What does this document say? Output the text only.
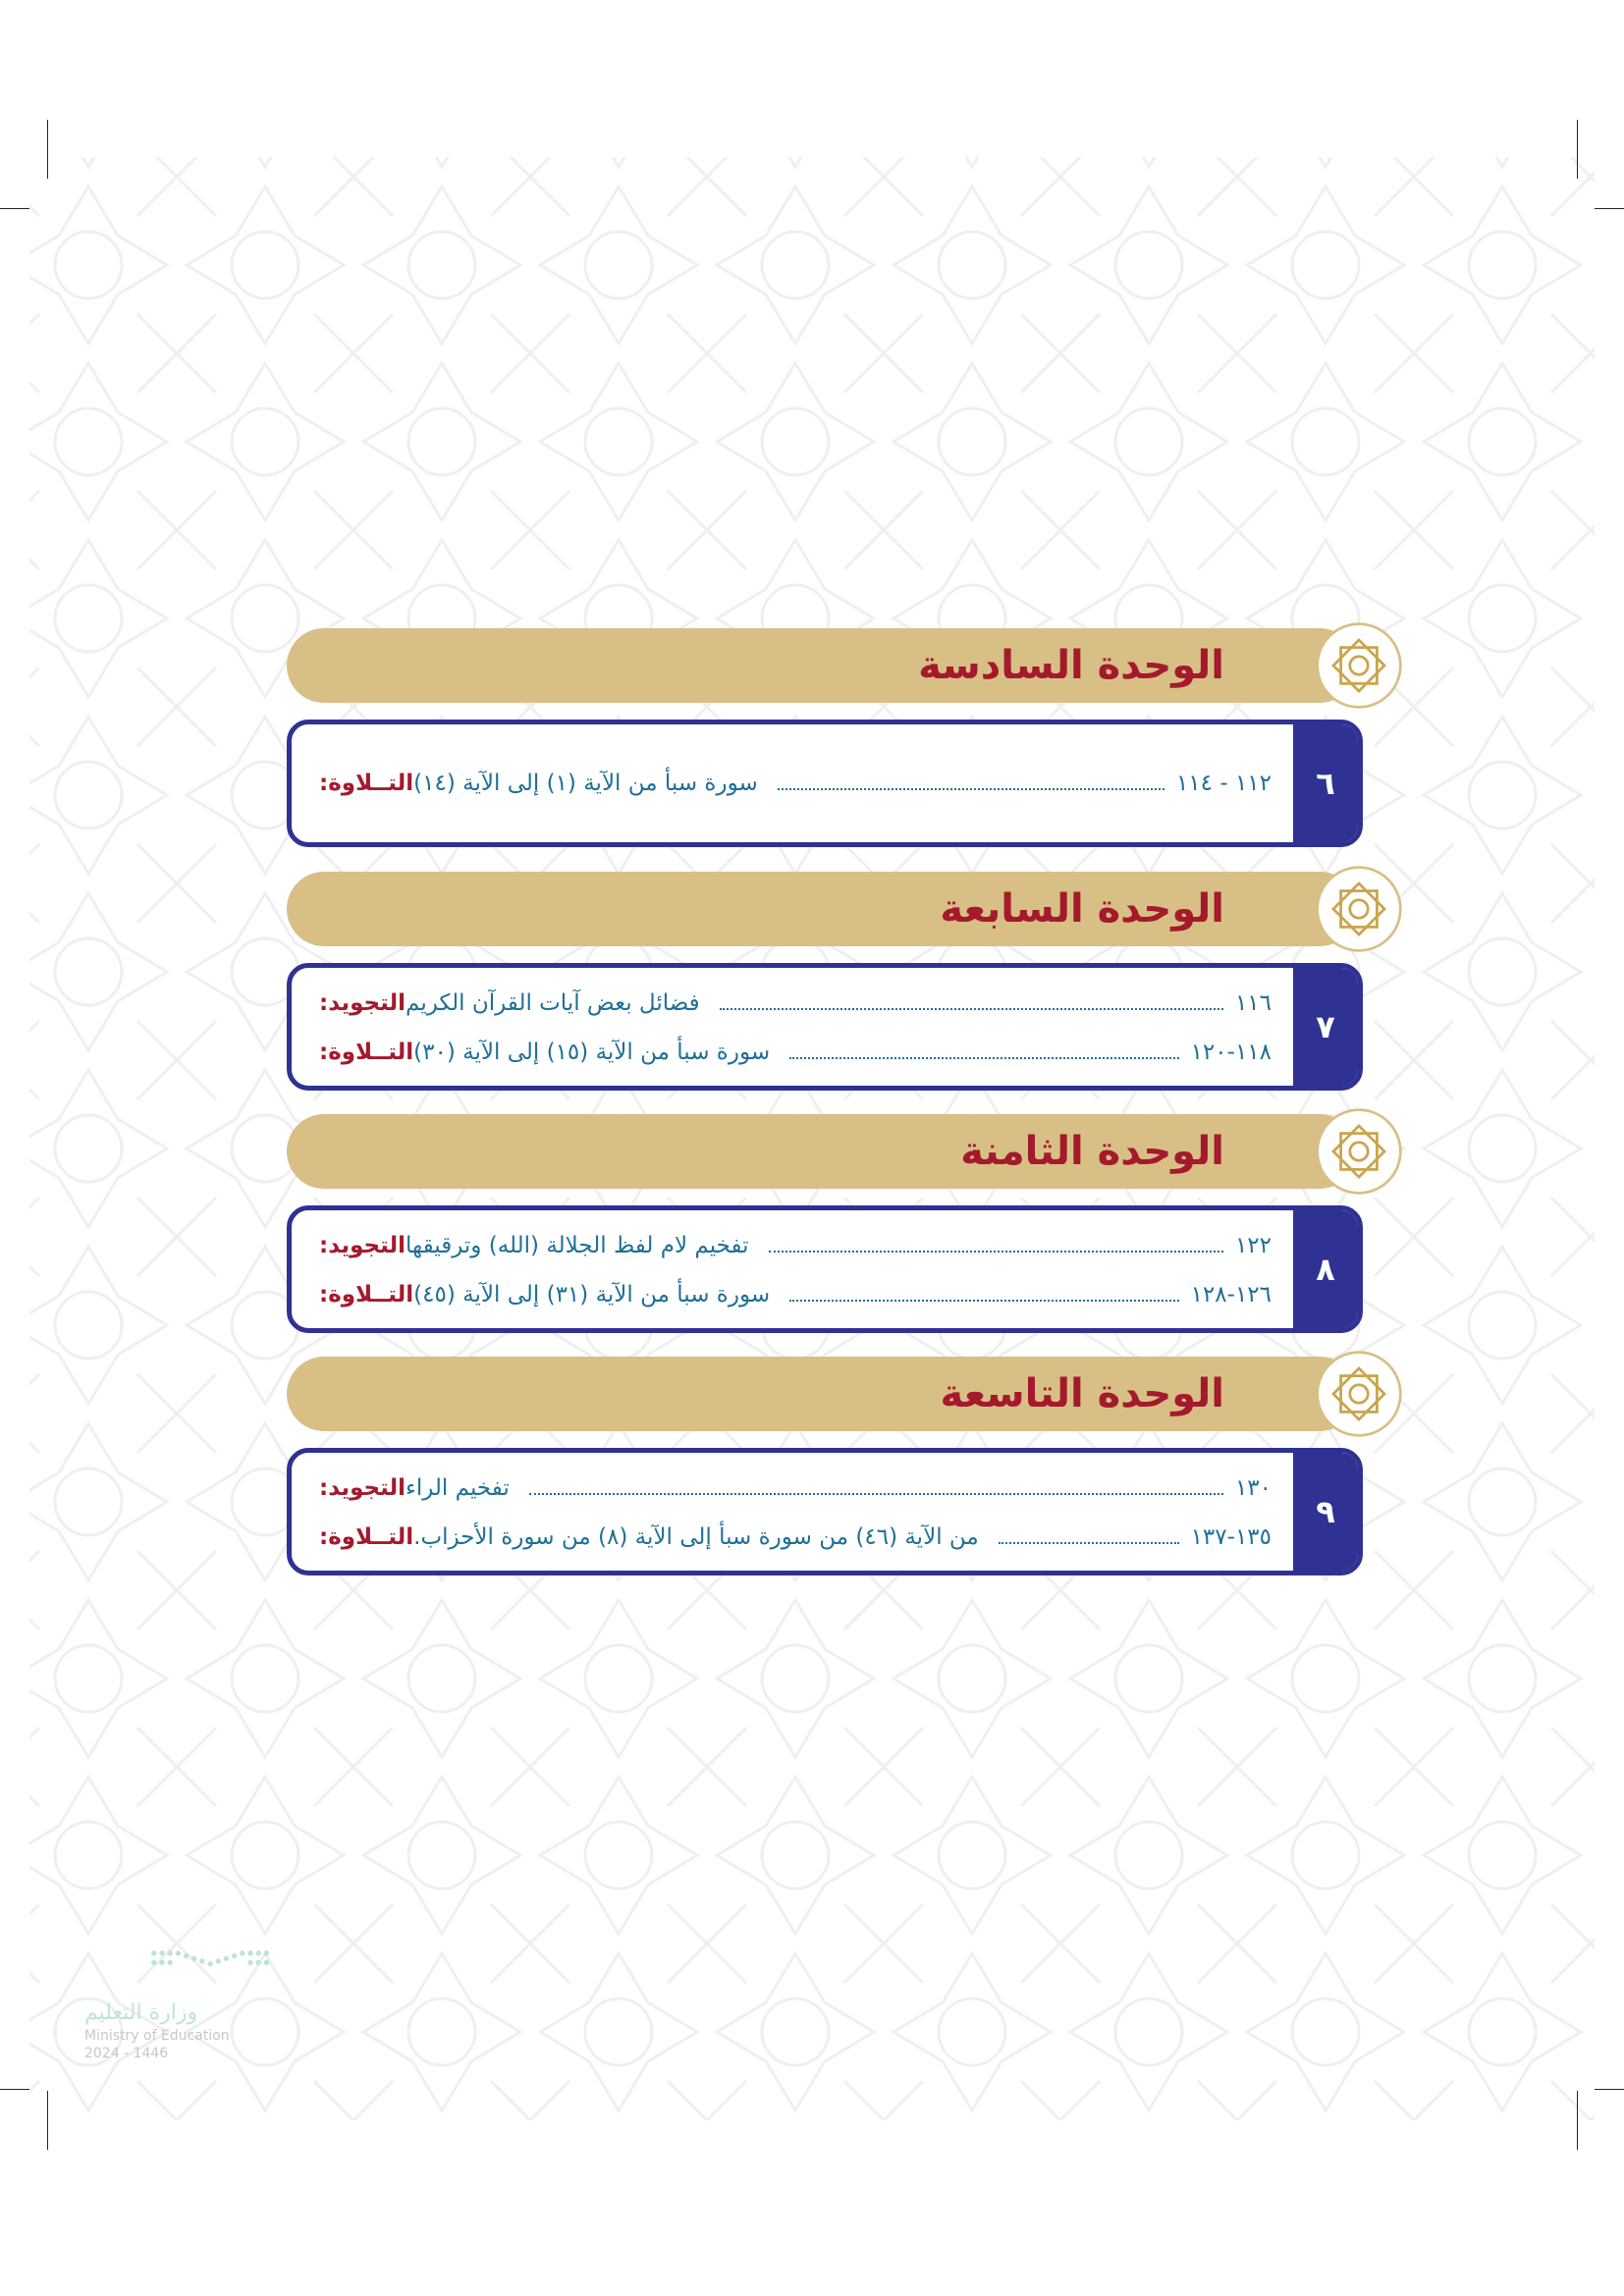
الوحدة السادسة
٦
التــلاوة: سورة سبأ من الآية (١) إلى الآية (١٤)	١١٢ - ١١٤
الوحدة السابعة
٧
التجويد: فضائل بعض آيات القرآن الكريم	١١٦
التــلاوة: سورة سبأ من الآية (١٥) إلى الآية (٣٠)	١١٨-١٢٠
الوحدة الثامنة
٨
التجويد: تفخيم لام لفظ الجلالة (الله) وترقيقها	١٢٢
التــلاوة: سورة سبأ من الآية (٣١) إلى الآية (٤٥)	١٢٦-١٢٨
الوحدة التاسعة
٩
التجويد: تفخيم الراء	١٣٠
التــلاوة: من الآية (٤٦) من سورة سبأ إلى الآية (٨) من سورة الأحزاب.	١٣٥-١٣٧
وزارة التعليم
Ministry of Education
2024 - 1446
